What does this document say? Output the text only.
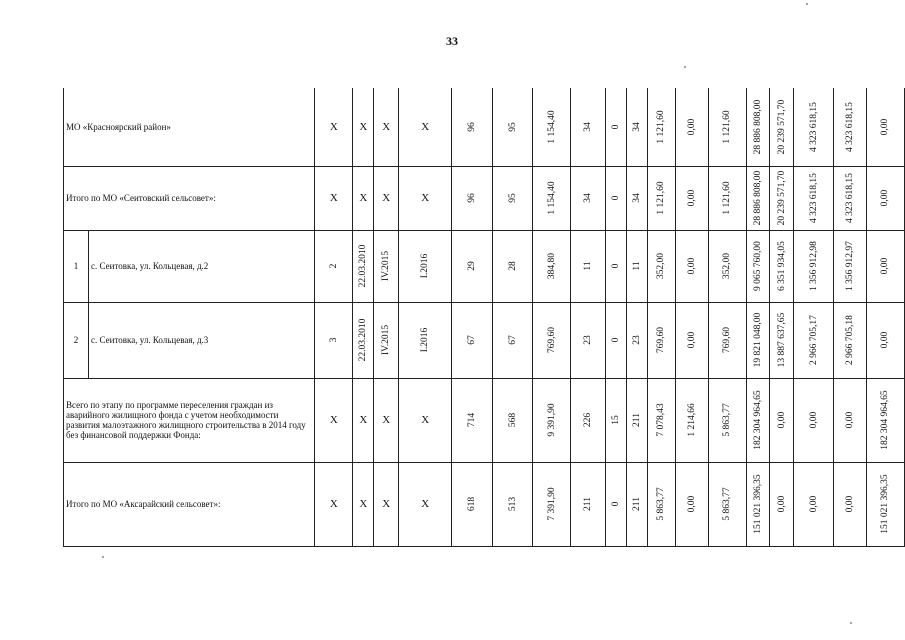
33
МО «Красноярский район»		Х	Х	Х	Х	96	95	1 154,40	34	0	34	1 121,60	0,00	1 121,60	28 886 808,00	20 239 571,70	4 323 618,15	4 323 618,15	0,00

Итого по МО «Сеитовский сельсовет»:		Х	Х	Х	Х	96	95	1 154,40	34	0	34	1 121,60	0,00	1 121,60	28 886 808,00	20 239 571,70	4 323 618,15	4 323 618,15	0,00

1	с. Сеитовка, ул. Кольцевая, д.2	2	22.03.2010	IV.2015	I.2016	29	28	384,80	11	0	11	352,00	0,00	352,00	9 065 760,00	6 351 934,05	1 356 912,98	1 356 912,97	0,00

2	с. Сеитовка, ул. Кольцевая, д.3	3	22.03.2010	IV.2015	I.2016	67	67	769,60	23	0	23	769,60	0,00	769,60	19 821 048,00	13 887 637,65	2 966 705,17	2 966 705,18	0,00

Всего по этапу по программе переселения граждан из аварийного жилищного фонда с учетом необходимости развития малоэтажного жилищного строительства в 2014 году без финансовой поддержки Фонда:		Х	Х	Х	Х	714	568	9 391,90	226	15	211	7 078,43	1 214,66	5 863,77	182 304 964,65	0,00	0,00	0,00	182 304 964,65

Итого по МО «Аксарайский сельсовет»:		Х	Х	Х	Х	618	513	7 391,90	211	0	211	5 863,77	0,00	5 863,77	151 021 396,35	0,00	0,00	0,00	151 021 396,35
